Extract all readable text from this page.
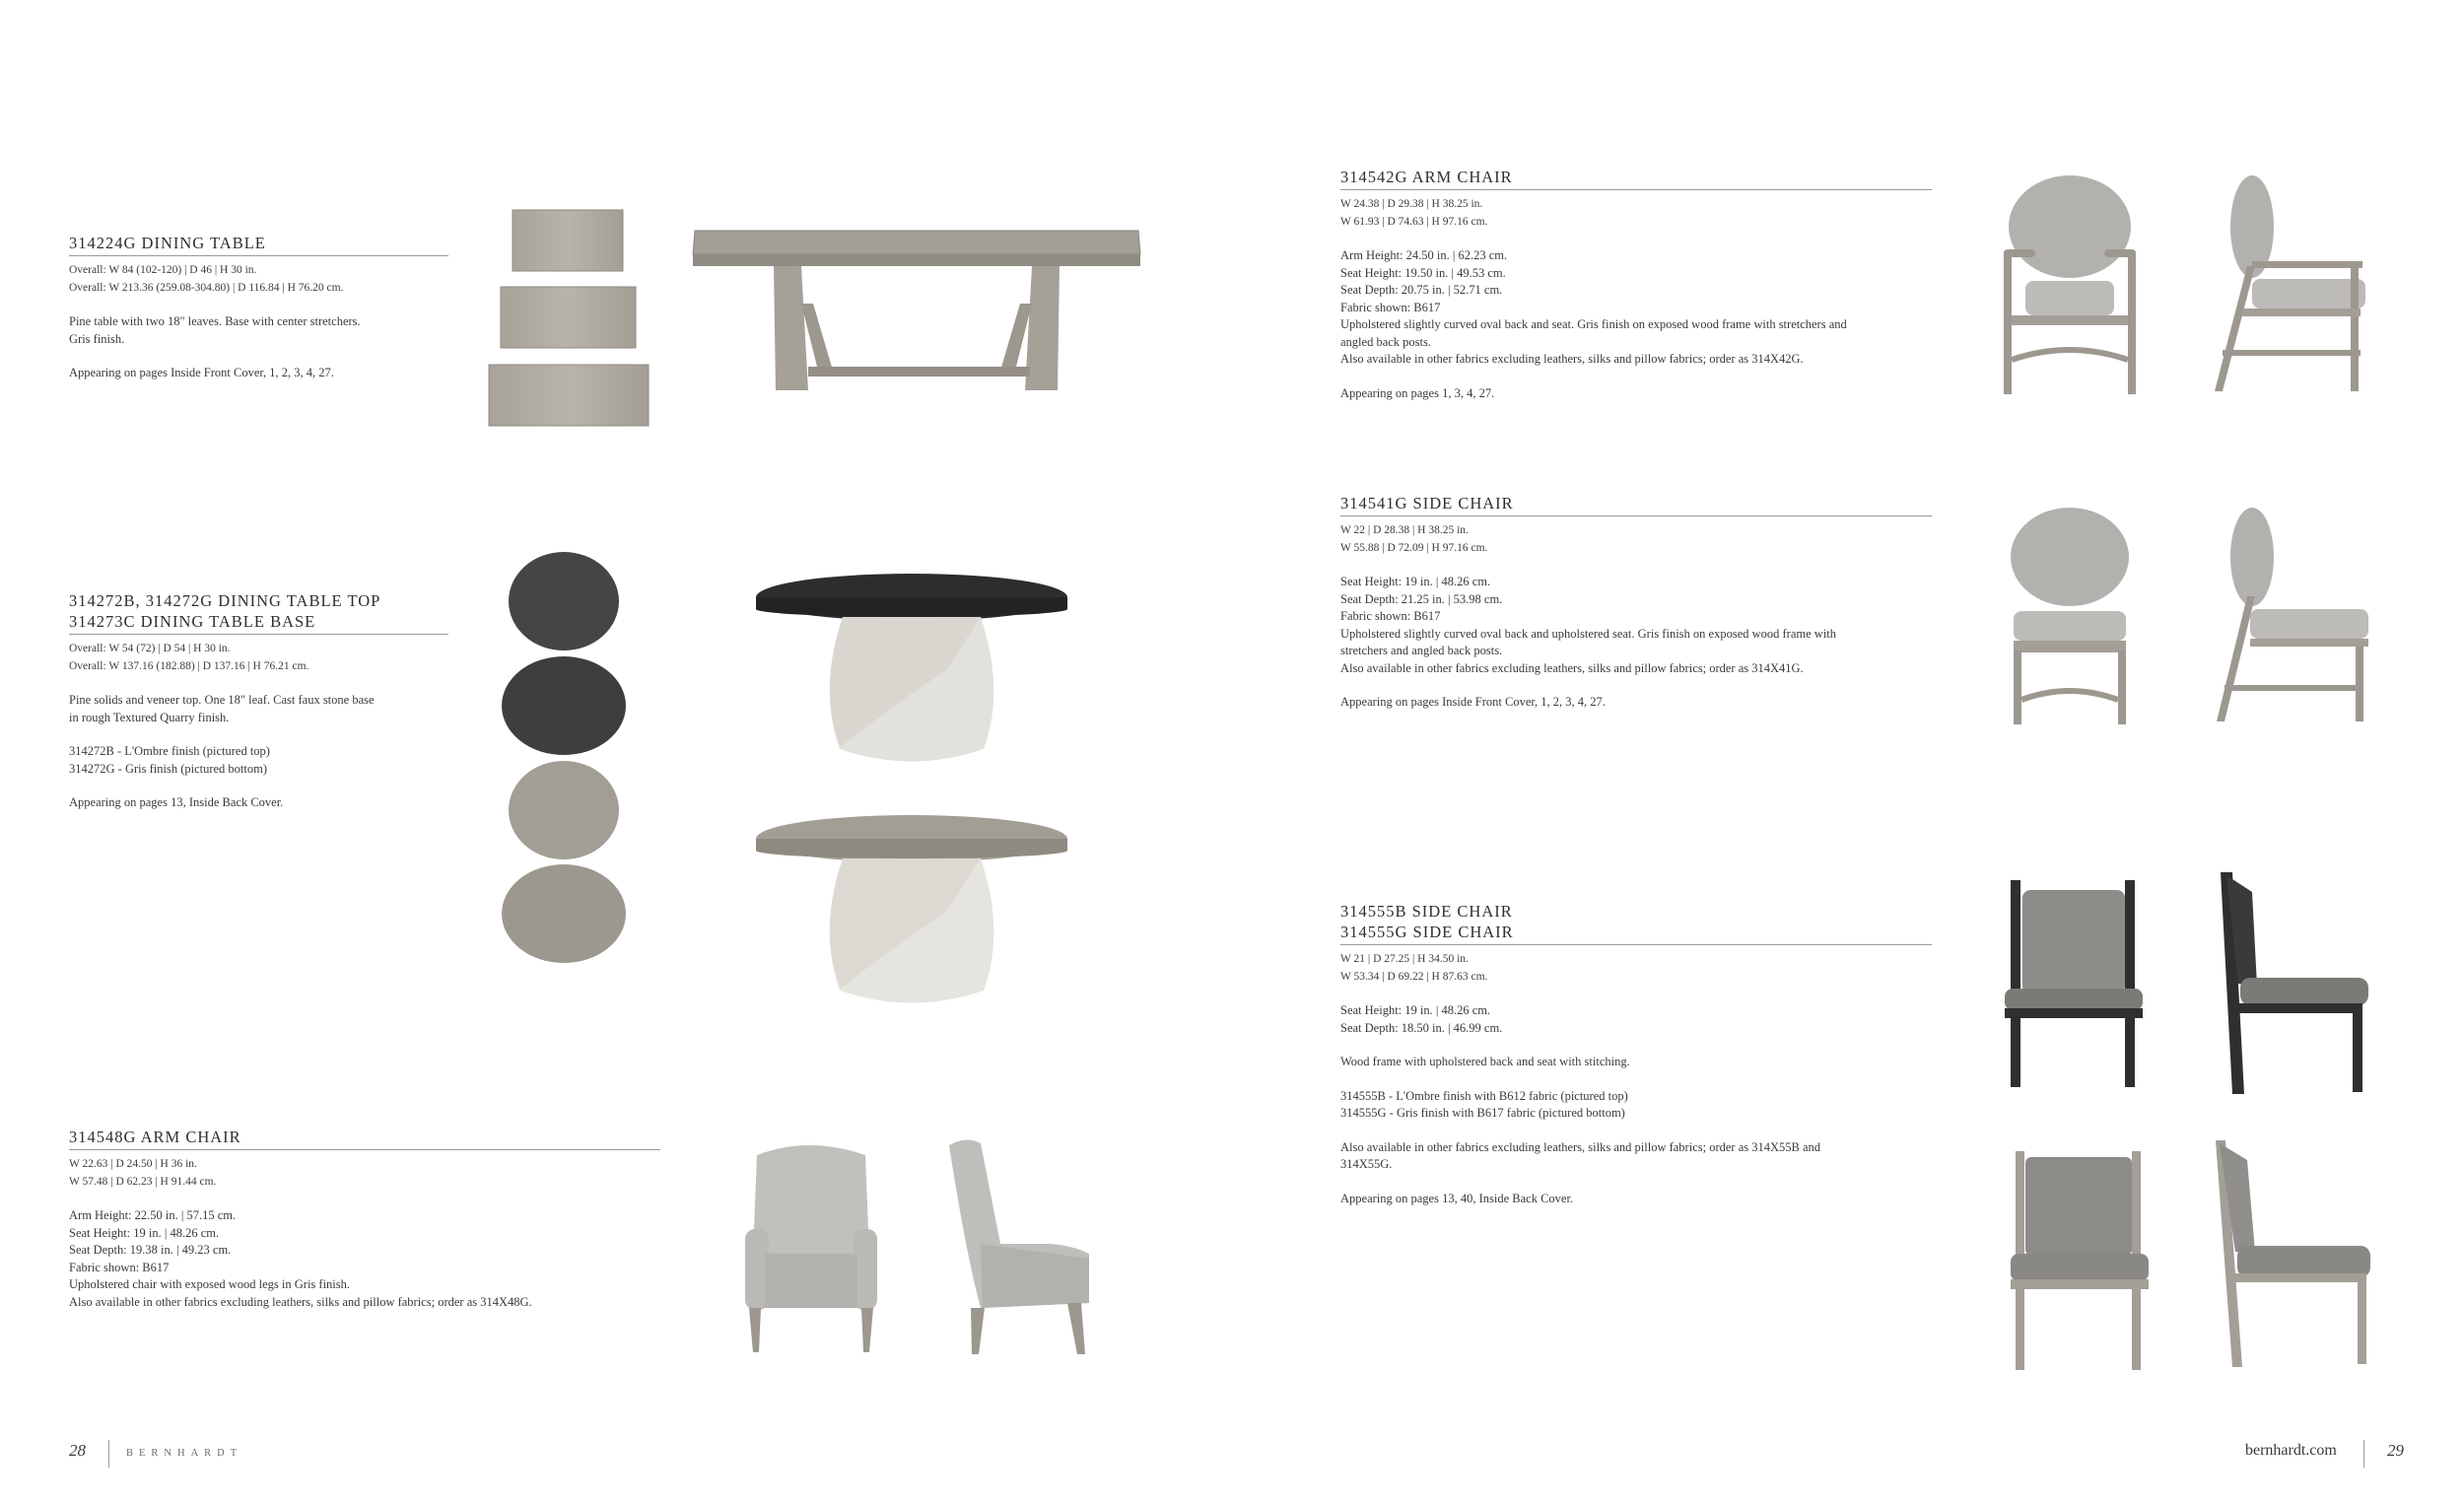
314224G DINING TABLE
Overall: W 84 (102-120) | D 46 | H 30 in.
Overall: W 213.36 (259.08-304.80) | D 116.84 | H 76.20 cm.
Pine table with two 18" leaves. Base with center stretchers.
Gris finish.
Appearing on pages Inside Front Cover, 1, 2, 3, 4, 27.
314272B, 314272G DINING TABLE TOP
314273C DINING TABLE BASE
Overall: W 54 (72) | D 54 | H 30 in.
Overall: W 137.16 (182.88) | D 137.16 | H 76.21 cm.
Pine solids and veneer top. One 18" leaf. Cast faux stone base
in rough Textured Quarry finish.
314272B - L'Ombre finish (pictured top)
314272G - Gris finish (pictured bottom)
Appearing on pages 13, Inside Back Cover.
314548G ARM CHAIR
W 22.63 | D 24.50 | H 36 in.
W 57.48 | D 62.23 | H 91.44 cm.
Arm Height: 22.50 in. | 57.15 cm.
Seat Height: 19 in. | 48.26 cm.
Seat Depth: 19.38 in. | 49.23 cm.
Fabric shown: B617
Upholstered chair with exposed wood legs in Gris finish.
Also available in other fabrics excluding leathers, silks and pillow fabrics; order as 314X48G.
314542G ARM CHAIR
W 24.38 | D 29.38 | H 38.25 in.
W 61.93 | D 74.63 | H 97.16 cm.
Arm Height: 24.50 in. | 62.23 cm.
Seat Height: 19.50 in. | 49.53 cm.
Seat Depth: 20.75 in. | 52.71 cm.
Fabric shown: B617
Upholstered slightly curved oval back and seat. Gris finish on exposed wood frame with stretchers and
angled back posts.
Also available in other fabrics excluding leathers, silks and pillow fabrics; order as 314X42G.
Appearing on pages 1, 3, 4, 27.
314541G SIDE CHAIR
W 22 | D 28.38 | H 38.25 in.
W 55.88 | D 72.09 | H 97.16 cm.
Seat Height: 19 in. | 48.26 cm.
Seat Depth: 21.25 in. | 53.98 cm.
Fabric shown: B617
Upholstered slightly curved oval back and upholstered seat. Gris finish on exposed wood frame with
stretchers and angled back posts.
Also available in other fabrics excluding leathers, silks and pillow fabrics; order as 314X41G.
Appearing on pages Inside Front Cover, 1, 2, 3, 4, 27.
314555B SIDE CHAIR
314555G SIDE CHAIR
W 21 | D 27.25 | H 34.50 in.
W 53.34 | D 69.22 | H 87.63 cm.
Seat Height: 19 in. | 48.26 cm.
Seat Depth: 18.50 in. | 46.99 cm.
Wood frame with upholstered back and seat with stitching.
314555B - L'Ombre finish with B612 fabric (pictured top)
314555G - Gris finish with B617 fabric (pictured bottom)
Also available in other fabrics excluding leathers, silks and pillow fabrics; order as 314X55B and
314X55G.
Appearing on pages 13, 40, Inside Back Cover.
28	BERNHARDT	bernhardt.com	29
